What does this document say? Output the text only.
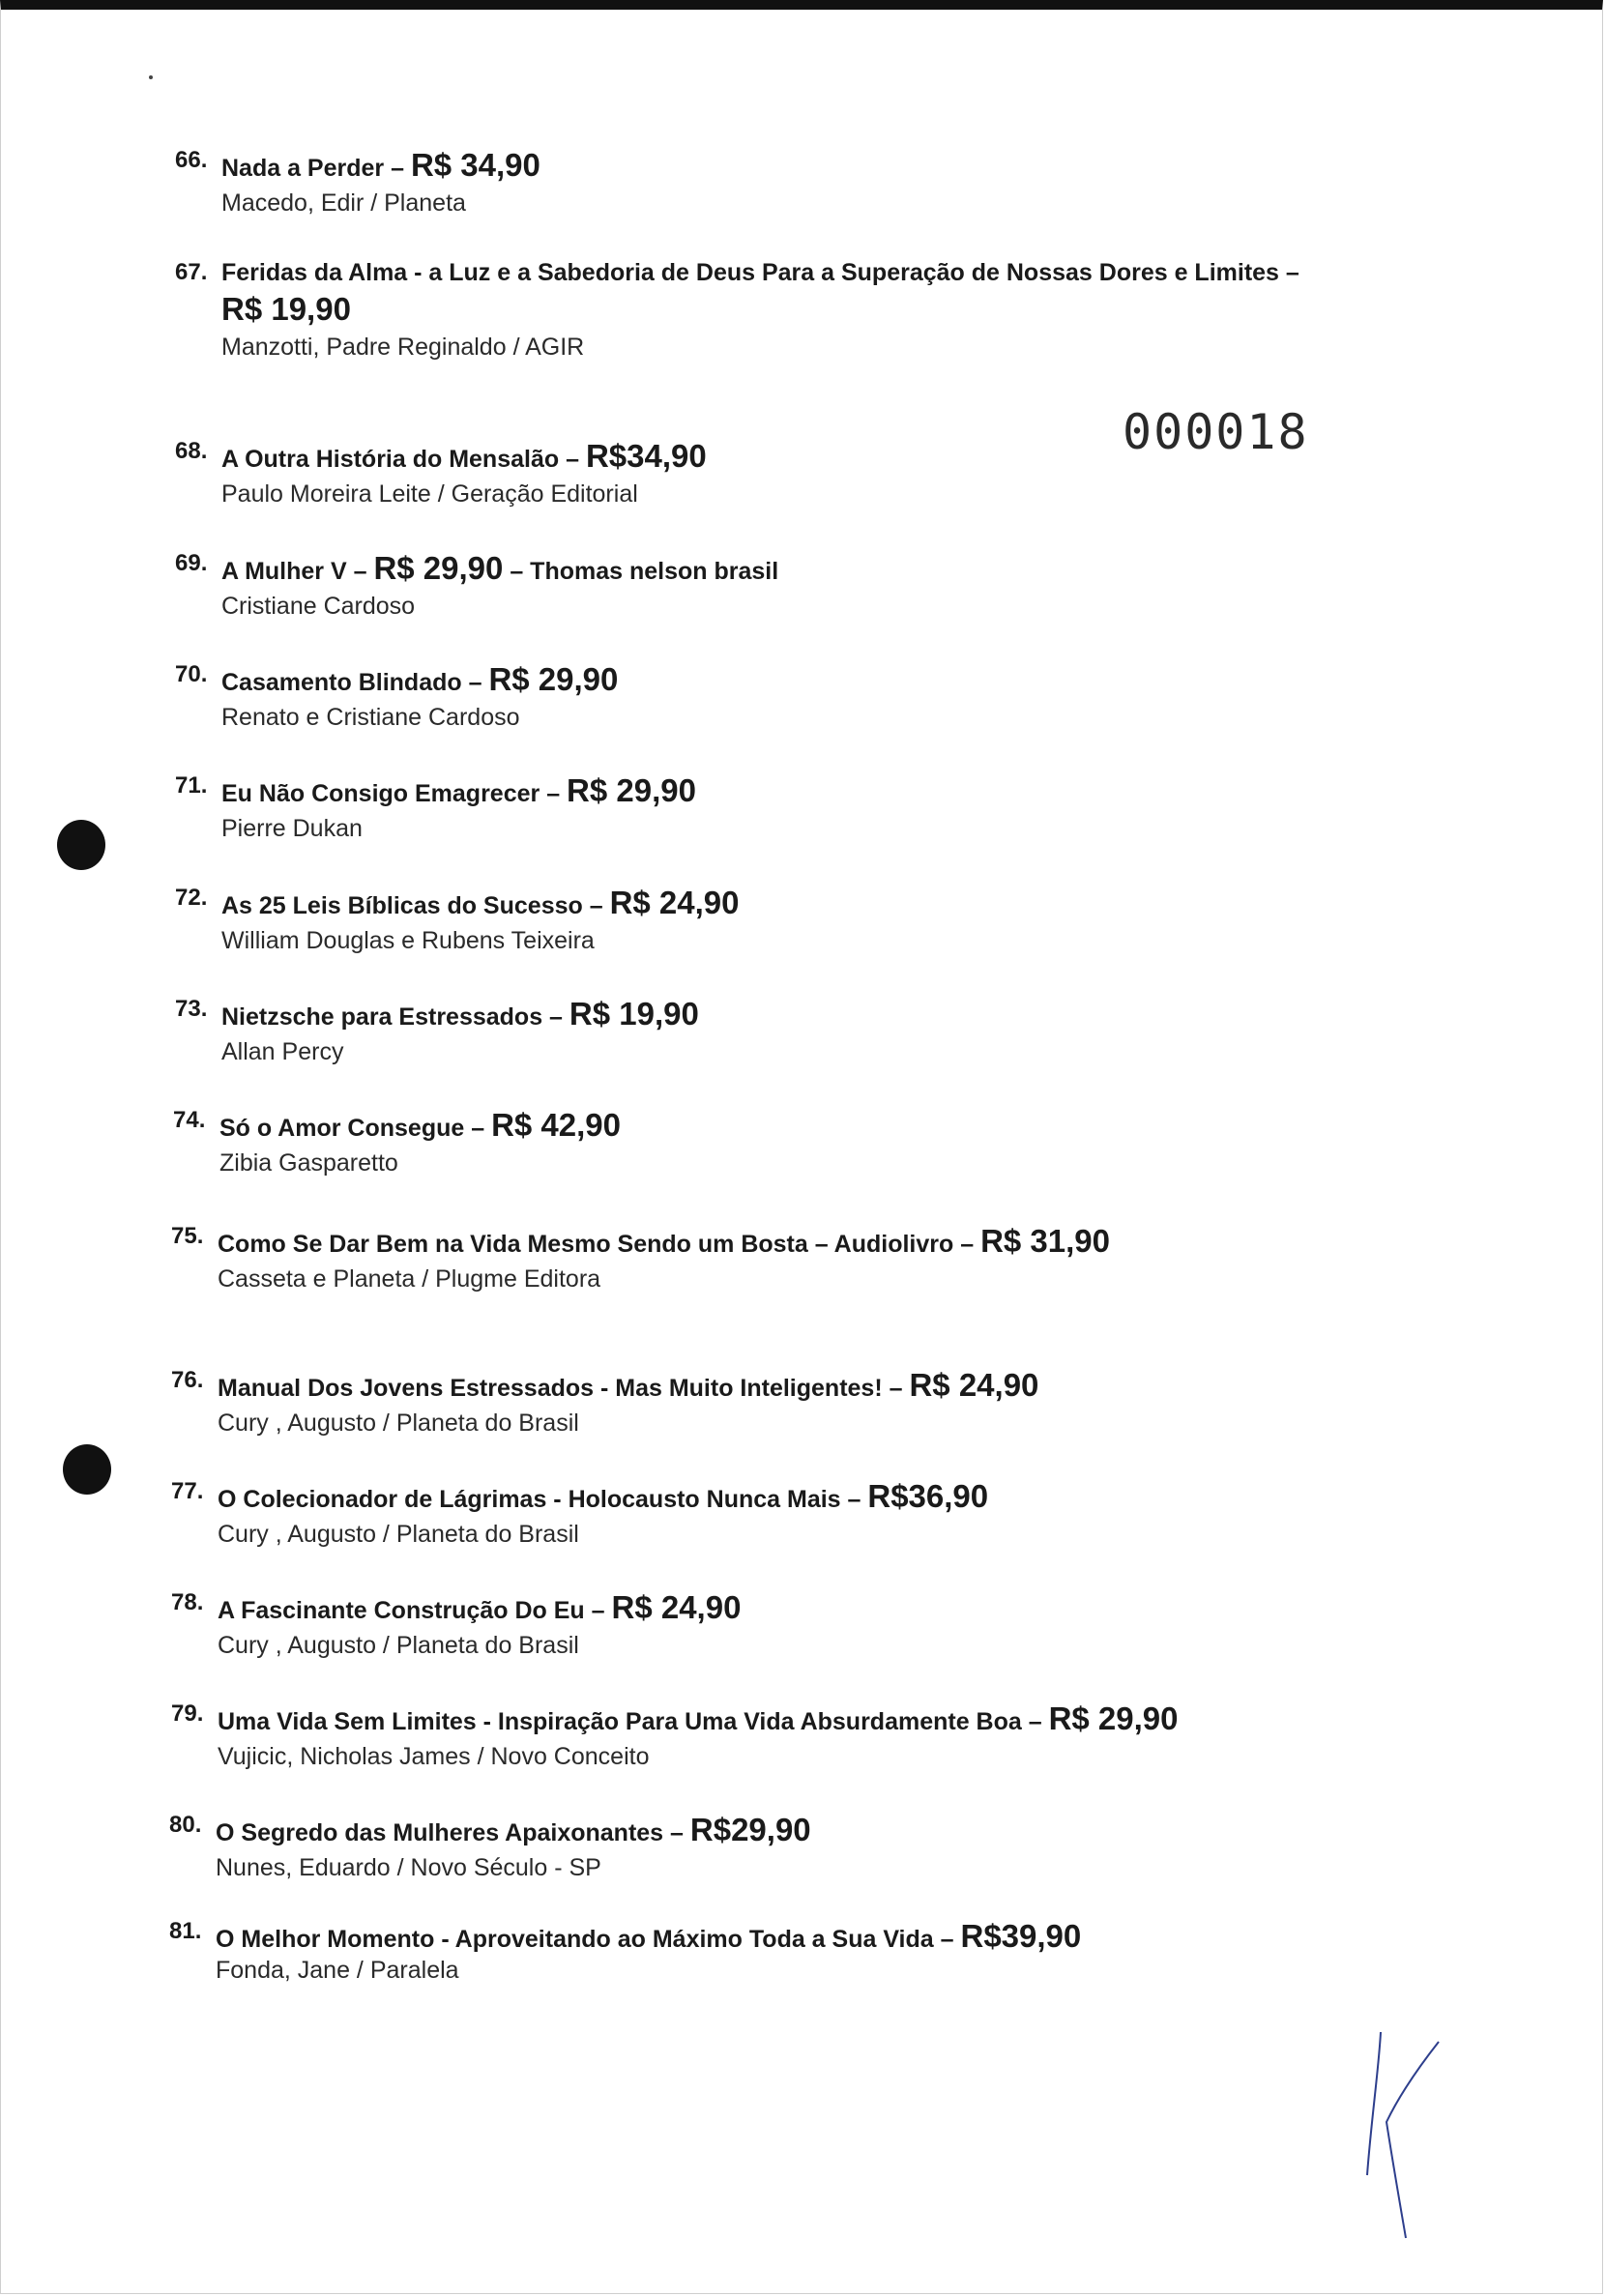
000018
66. Nada a Perder – R$ 34,90
Macedo, Edir / Planeta
67. Feridas da Alma - a Luz e a Sabedoria de Deus Para a Superação de Nossas Dores e Limites –
R$ 19,90
Manzotti, Padre Reginaldo / AGIR
68. A Outra História do Mensalão – R$34,90
Paulo Moreira Leite / Geração Editorial
69. A Mulher V – R$ 29,90 – Thomas nelson brasil
Cristiane Cardoso
70. Casamento Blindado – R$ 29,90
Renato e Cristiane Cardoso
71. Eu Não Consigo Emagrecer – R$ 29,90
Pierre Dukan
72. As 25 Leis Bíblicas do Sucesso – R$ 24,90
William Douglas e Rubens Teixeira
73. Nietzsche para Estressados – R$ 19,90
Allan Percy
74. Só o Amor Consegue – R$ 42,90
Zibia Gasparetto
75. Como Se Dar Bem na Vida Mesmo Sendo um Bosta – Audiolivro – R$ 31,90
Casseta e Planeta / Plugme Editora
76. Manual Dos Jovens Estressados - Mas Muito Inteligentes! – R$ 24,90
Cury , Augusto / Planeta do Brasil
77. O Colecionador de Lágrimas - Holocausto Nunca Mais – R$36,90
Cury , Augusto / Planeta do Brasil
78. A Fascinante Construção Do Eu – R$ 24,90
Cury , Augusto / Planeta do Brasil
79. Uma Vida Sem Limites - Inspiração Para Uma Vida Absurdamente Boa – R$ 29,90
Vujicic, Nicholas James / Novo Conceito
80. O Segredo das Mulheres Apaixonantes – R$29,90
Nunes, Eduardo / Novo Século - SP
81. O Melhor Momento - Aproveitando ao Máximo Toda a Sua Vida – R$39,90
Fonda, Jane / Paralela
